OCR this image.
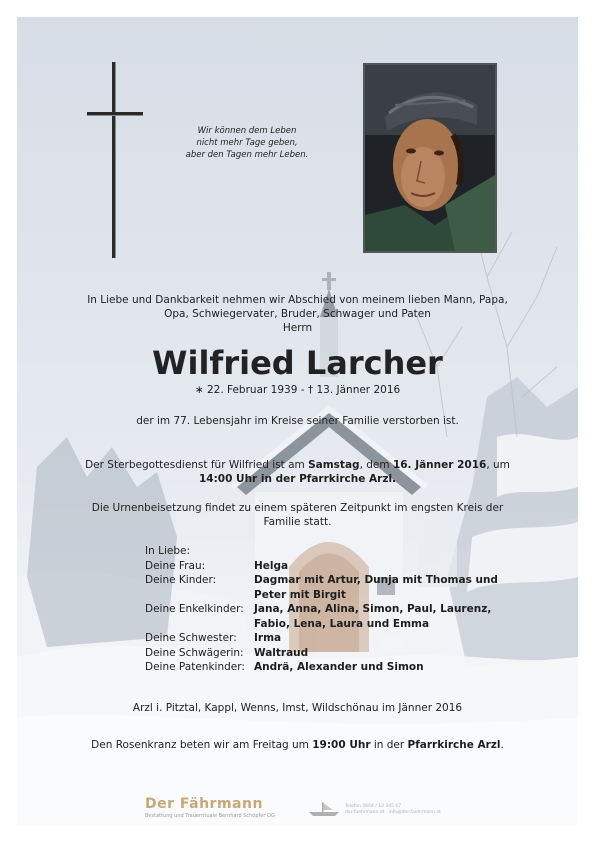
Wir können dem Leben
nicht mehr Tage geben,
aber den Tagen mehr Leben.
In Liebe und Dankbarkeit nehmen wir Abschied von meinem lieben Mann, Papa,
Opa, Schwiegervater, Bruder, Schwager und Paten
Herrn
Wilfried Larcher
∗ 22. Februar 1939 - † 13. Jänner 2016
der im 77. Lebensjahr im Kreise seiner Familie verstorben ist.
Der Sterbegottesdienst für Wilfried ist am Samstag, dem 16. Jänner 2016, um 14:00 Uhr in der Pfarrkirche Arzl.
Die Urnenbeisetzung findet zu einem späteren Zeitpunkt im engsten Kreis der Familie statt.
In Liebe:
Deine Frau:	Helga
Deine Kinder:	Dagmar mit Artur, Dunja mit Thomas und Peter mit Birgit
Deine Enkelkinder: Jana, Anna, Alina, Simon, Paul, Laurenz, Fabio, Lena, Laura und Emma
Deine Schwester:	Irma
Deine Schwägerin: Waltraud
Deine Patenkinder: Andrä, Alexander und Simon
Arzl i. Pitztal, Kappl, Wenns, Imst, Wildschönau im Jänner 2016
Den Rosenkranz beten wir am Freitag um 19:00 Uhr in der Pfarrkirche Arzl.
Der Fährmann
Bestattung und Trauerrituale Bernhard Schöpfer OG
Telefon 0664 / 12 345 67
der-faehrmann.at · info@der-faehrmann.at
